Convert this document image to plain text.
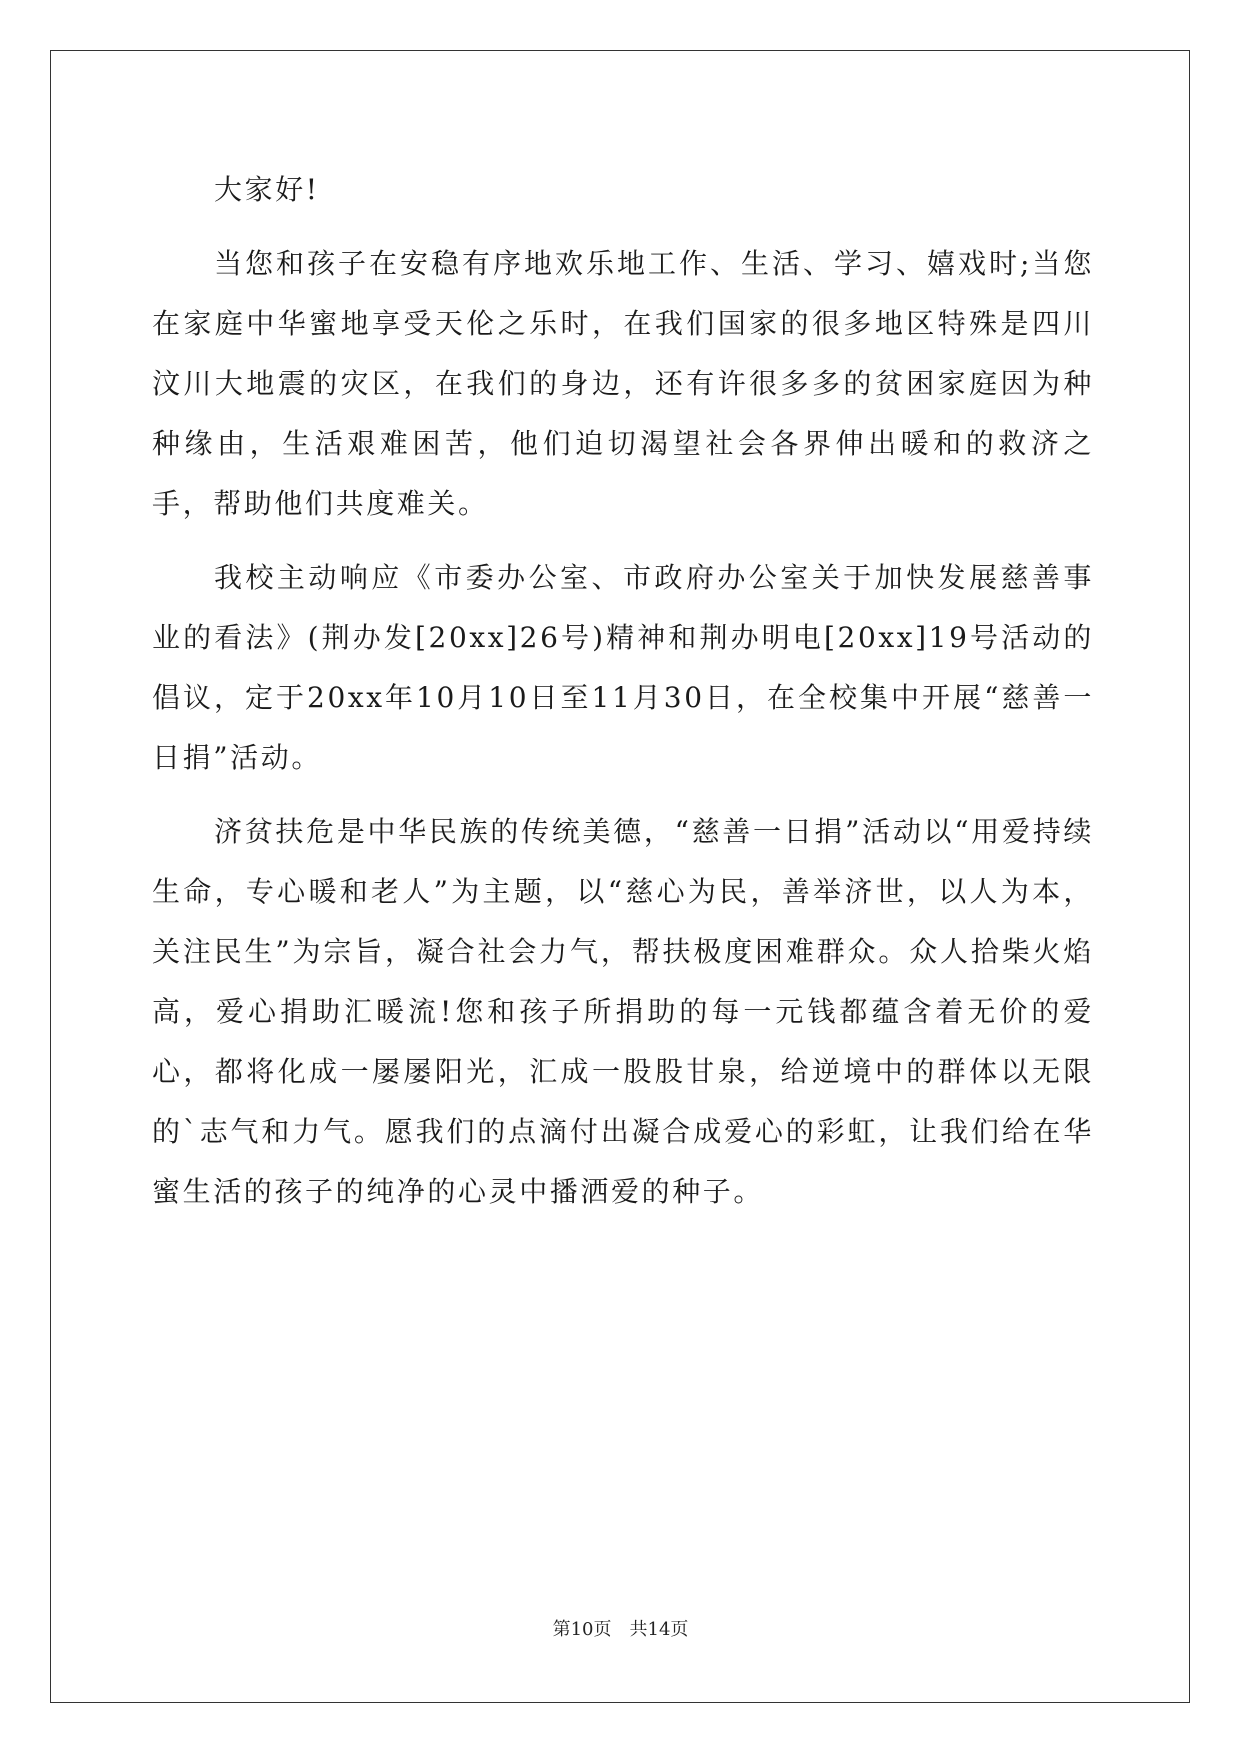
大家好!

当您和孩子在安稳有序地欢乐地工作、生活、学习、嬉戏时;当您在家庭中华蜜地享受天伦之乐时，在我们国家的很多地区特殊是四川汶川大地震的灾区，在我们的身边，还有许很多多的贫困家庭因为种种缘由，生活艰难困苦，他们迫切渴望社会各界伸出暖和的救济之手，帮助他们共度难关。

我校主动响应《市委办公室、市政府办公室关于加快发展慈善事业的看法》(荆办发[20xx]26号)精神和荆办明电[20xx]19号活动的倡议，定于20xx年10月10日至11月30日，在全校集中开展“慈善一日捐”活动。

济贫扶危是中华民族的传统美德，“慈善一日捐”活动以“用爱持续生命，专心暖和老人”为主题，以“慈心为民，善举济世，以人为本，关注民生”为宗旨，凝合社会力气，帮扶极度困难群众。众人拾柴火焰高，爱心捐助汇暖流!您和孩子所捐助的每一元钱都蕴含着无价的爱心，都将化成一屡屡阳光，汇成一股股甘泉，给逆境中的群体以无限的`志气和力气。愿我们的点滴付出凝合成爱心的彩虹，让我们给在华蜜生活的孩子的纯净的心灵中播洒爱的种子。

第10页 共14页
